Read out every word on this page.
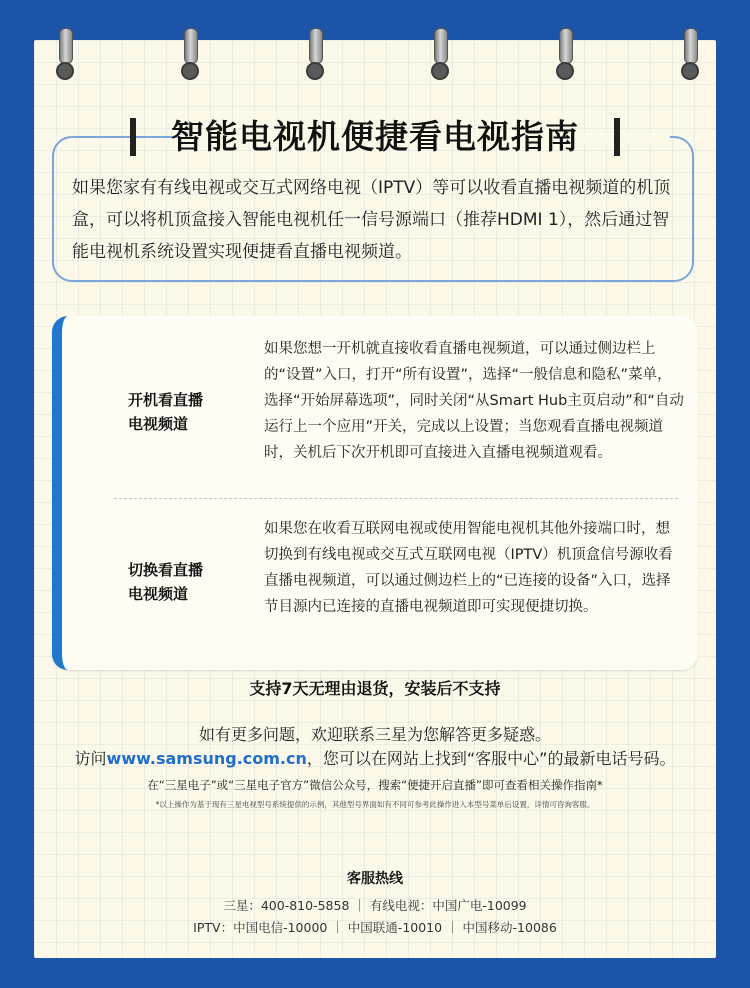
如果您家有有线电视或交互式网络电视（IPTV）等可以收看直播电视频道的机顶盒，可以将机顶盒接入智能电视机任一信号源端口（推荐HDMI 1），然后通过智能电视机系统设置实现便捷看直播电视频道。
智能电视机便捷看电视指南
开机看直播
电视频道
如果您想一开机就直接收看直播电视频道，可以通过侧边栏上的“设置”入口，打开“所有设置”，选择“一般信息和隐私”菜单，选择“开始屏幕选项”，同时关闭“从Smart Hub主页启动”和“自动运行上一个应用”开关，完成以上设置；当您观看直播电视频道时，关机后下次开机即可直接进入直播电视频道观看。
切换看直播
电视频道
如果您在收看互联网电视或使用智能电视机其他外接端口时，想切换到有线电视或交互式互联网电视（IPTV）机顶盒信号源收看直播电视频道，可以通过侧边栏上的“已连接的设备”入口，选择节目源内已连接的直播电视频道即可实现便捷切换。
支持7天无理由退货，安装后不支持
如有更多问题，欢迎联系三星为您解答更多疑惑。
访问www.samsung.com.cn，您可以在网站上找到“客服中心”的最新电话号码。
在“三星电子”或“三星电子官方”微信公众号，搜索“便捷开启直播”即可查看相关操作指南*
*以上操作为基于现有三星电视型号系统提供的示例，其他型号界面如有不同可参考此操作进入本型号菜单后设置，详情可咨询客服。
客服热线
三星：400-810-5858 ｜ 有线电视：中国广电-10099
IPTV：中国电信-10000 ｜ 中国联通-10010 ｜ 中国移动-10086
